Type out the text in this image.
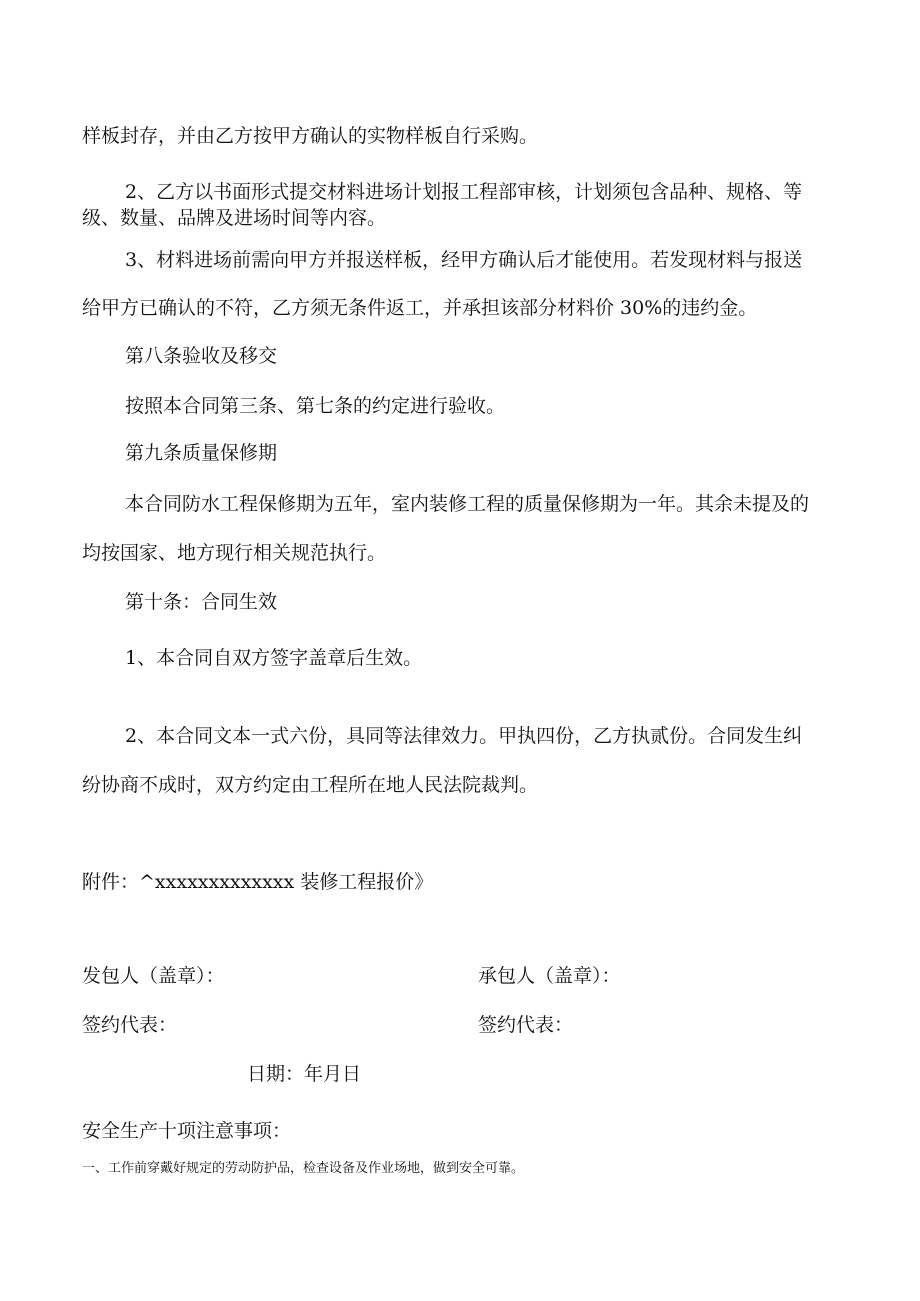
样板封存，并由乙方按甲方确认的实物样板自行采购。

2、乙方以书面形式提交材料进场计划报工程部审核，计划须包含品种、规格、等

级、数量、品牌及进场时间等内容。

3、材料进场前需向甲方并报送样板，经甲方确认后才能使用。若发现材料与报送

给甲方已确认的不符，乙方须无条件返工，并承担该部分材料价 30%的违约金。

第八条验收及移交

按照本合同第三条、第七条的约定进行验收。

第九条质量保修期

本合同防水工程保修期为五年，室内装修工程的质量保修期为一年。其余未提及的

均按国家、地方现行相关规范执行。

第十条：合同生效

1、本合同自双方签字盖章后生效。

2、本合同文本一式六份，具同等法律效力。甲执四份，乙方执贰份。合同发生纠

纷协商不成时，双方约定由工程所在地人民法院裁判。

附件：^xxxxxxxxxxxxx 装修工程报价》

发包人（盖章）：	承包人（盖章）：

签约代表：	签约代表：

日期：年月日

安全生产十项注意事项：

一、工作前穿戴好规定的劳动防护品，检查设备及作业场地，做到安全可靠。
